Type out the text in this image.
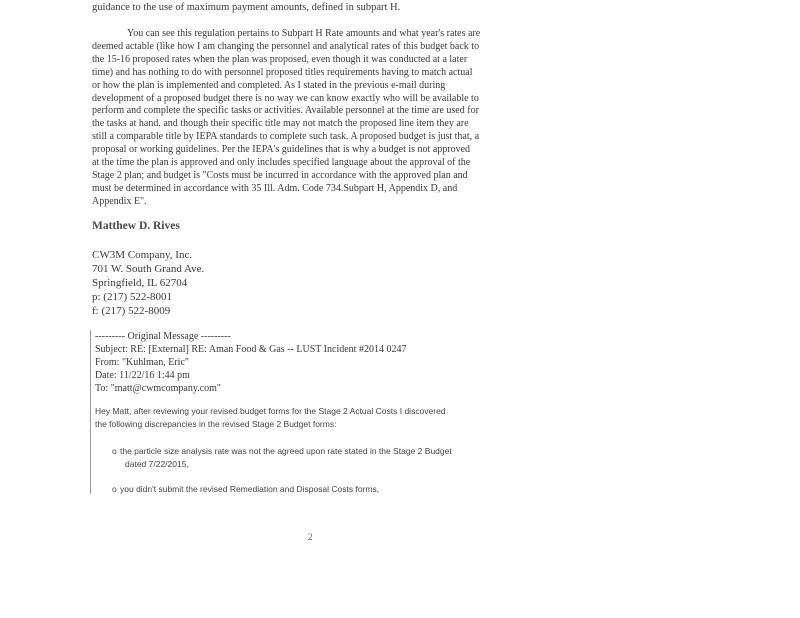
guidance to the use of maximum payment amounts, defined in subpart H.
You can see this regulation pertains to Subpart H Rate amounts and what year's rates are
deemed actable (like how I am changing the personnel and analytical rates of this budget back to
the 15-16 proposed rates when the plan was proposed, even though it was conducted at a later
time) and has nothing to do with personnel proposed titles requirements having to match actual
or how the plan is implemented and completed. As I stated in the previous e-mail during
development of a proposed budget there is no way we can know exactly who will be available to
perform and complete the specific tasks or activities. Available personnel at the time are used for
the tasks at hand. and though their specific title may not match the proposed line item they are
still a comparable title by IEPA standards to complete such task. A proposed budget is just that, a
proposal or working guidelines. Per the IEPA's guidelines that is why a budget is not approved
at the time the plan is approved and only includes specified language about the approval of the
Stage 2 plan; and budget is "Costs must be incurred in accordance with the approved plan and
must be determined in accordance with 35 Ill. Adm. Code 734.Subpart H, Appendix D, and
Appendix E".
Matthew D. Rives
CW3M Company, Inc.
701 W. South Grand Ave.
Springfield, IL 62704
p: (217) 522-8001
f: (217) 522-8009
--------- Original Message ---------
Subject: RE: [External] RE: Aman Food & Gas -- LUST Incident #2014 0247
From: "Kuhlman, Eric"
Date: 11/22/16 1:44 pm
To: "matt@cwmcompany.com"
Hey Matt, after reviewing your revised budget forms for the Stage 2 Actual Costs I discovered
the following discrepancies in the revised Stage 2 Budget forms:
o the particle size analysis rate was not the agreed upon rate stated in the Stage 2 Budget
dated 7/22/2015,
o you didn't submit the revised Remediation and Disposal Costs forms,
2
